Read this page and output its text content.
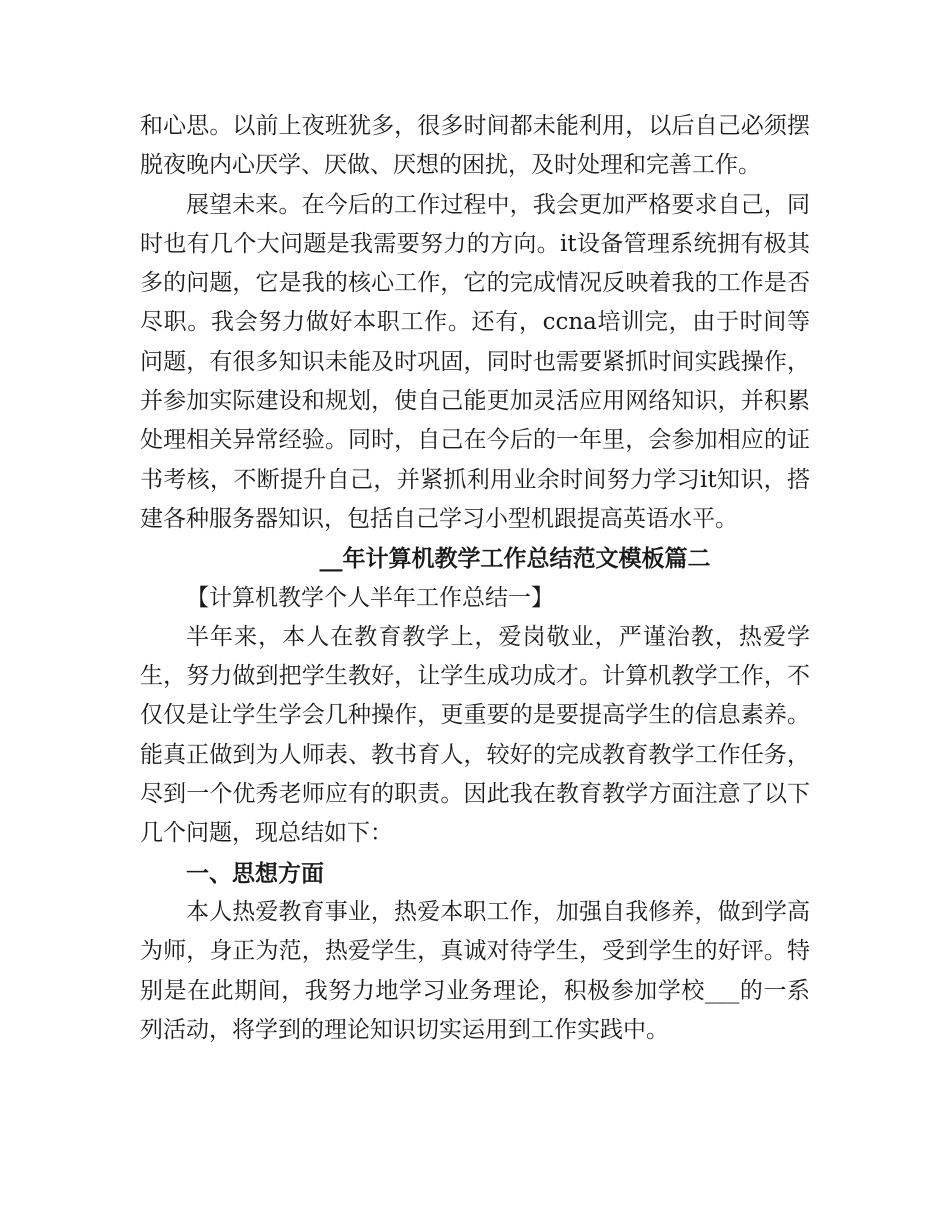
和心思。以前上夜班犹多，很多时间都未能利用，以后自己必须摆脱夜晚内心厌学、厌做、厌想的困扰，及时处理和完善工作。

展望未来。在今后的工作过程中，我会更加严格要求自己，同时也有几个大问题是我需要努力的方向。it设备管理系统拥有极其多的问题，它是我的核心工作，它的完成情况反映着我的工作是否尽职。我会努力做好本职工作。还有，ccna培训完，由于时间等问题，有很多知识未能及时巩固，同时也需要紧抓时间实践操作，并参加实际建设和规划，使自己能更加灵活应用网络知识，并积累处理相关异常经验。同时，自己在今后的一年里，会参加相应的证书考核，不断提升自己，并紧抓利用业余时间努力学习it知识，搭建各种服务器知识，包括自己学习小型机跟提高英语水平。

__年计算机教学工作总结范文模板篇二

【计算机教学个人半年工作总结一】

半年来，本人在教育教学上，爱岗敬业，严谨治教，热爱学生，努力做到把学生教好，让学生成功成才。计算机教学工作，不仅仅是让学生学会几种操作，更重要的是要提高学生的信息素养。能真正做到为人师表、教书育人，较好的完成教育教学工作任务，尽到一个优秀老师应有的职责。因此我在教育教学方面注意了以下几个问题，现总结如下：

一、思想方面

本人热爱教育事业，热爱本职工作，加强自我修养，做到学高为师，身正为范，热爱学生，真诚对待学生，受到学生的好评。特别是在此期间，我努力地学习业务理论，积极参加学校___的一系列活动，将学到的理论知识切实运用到工作实践中。
